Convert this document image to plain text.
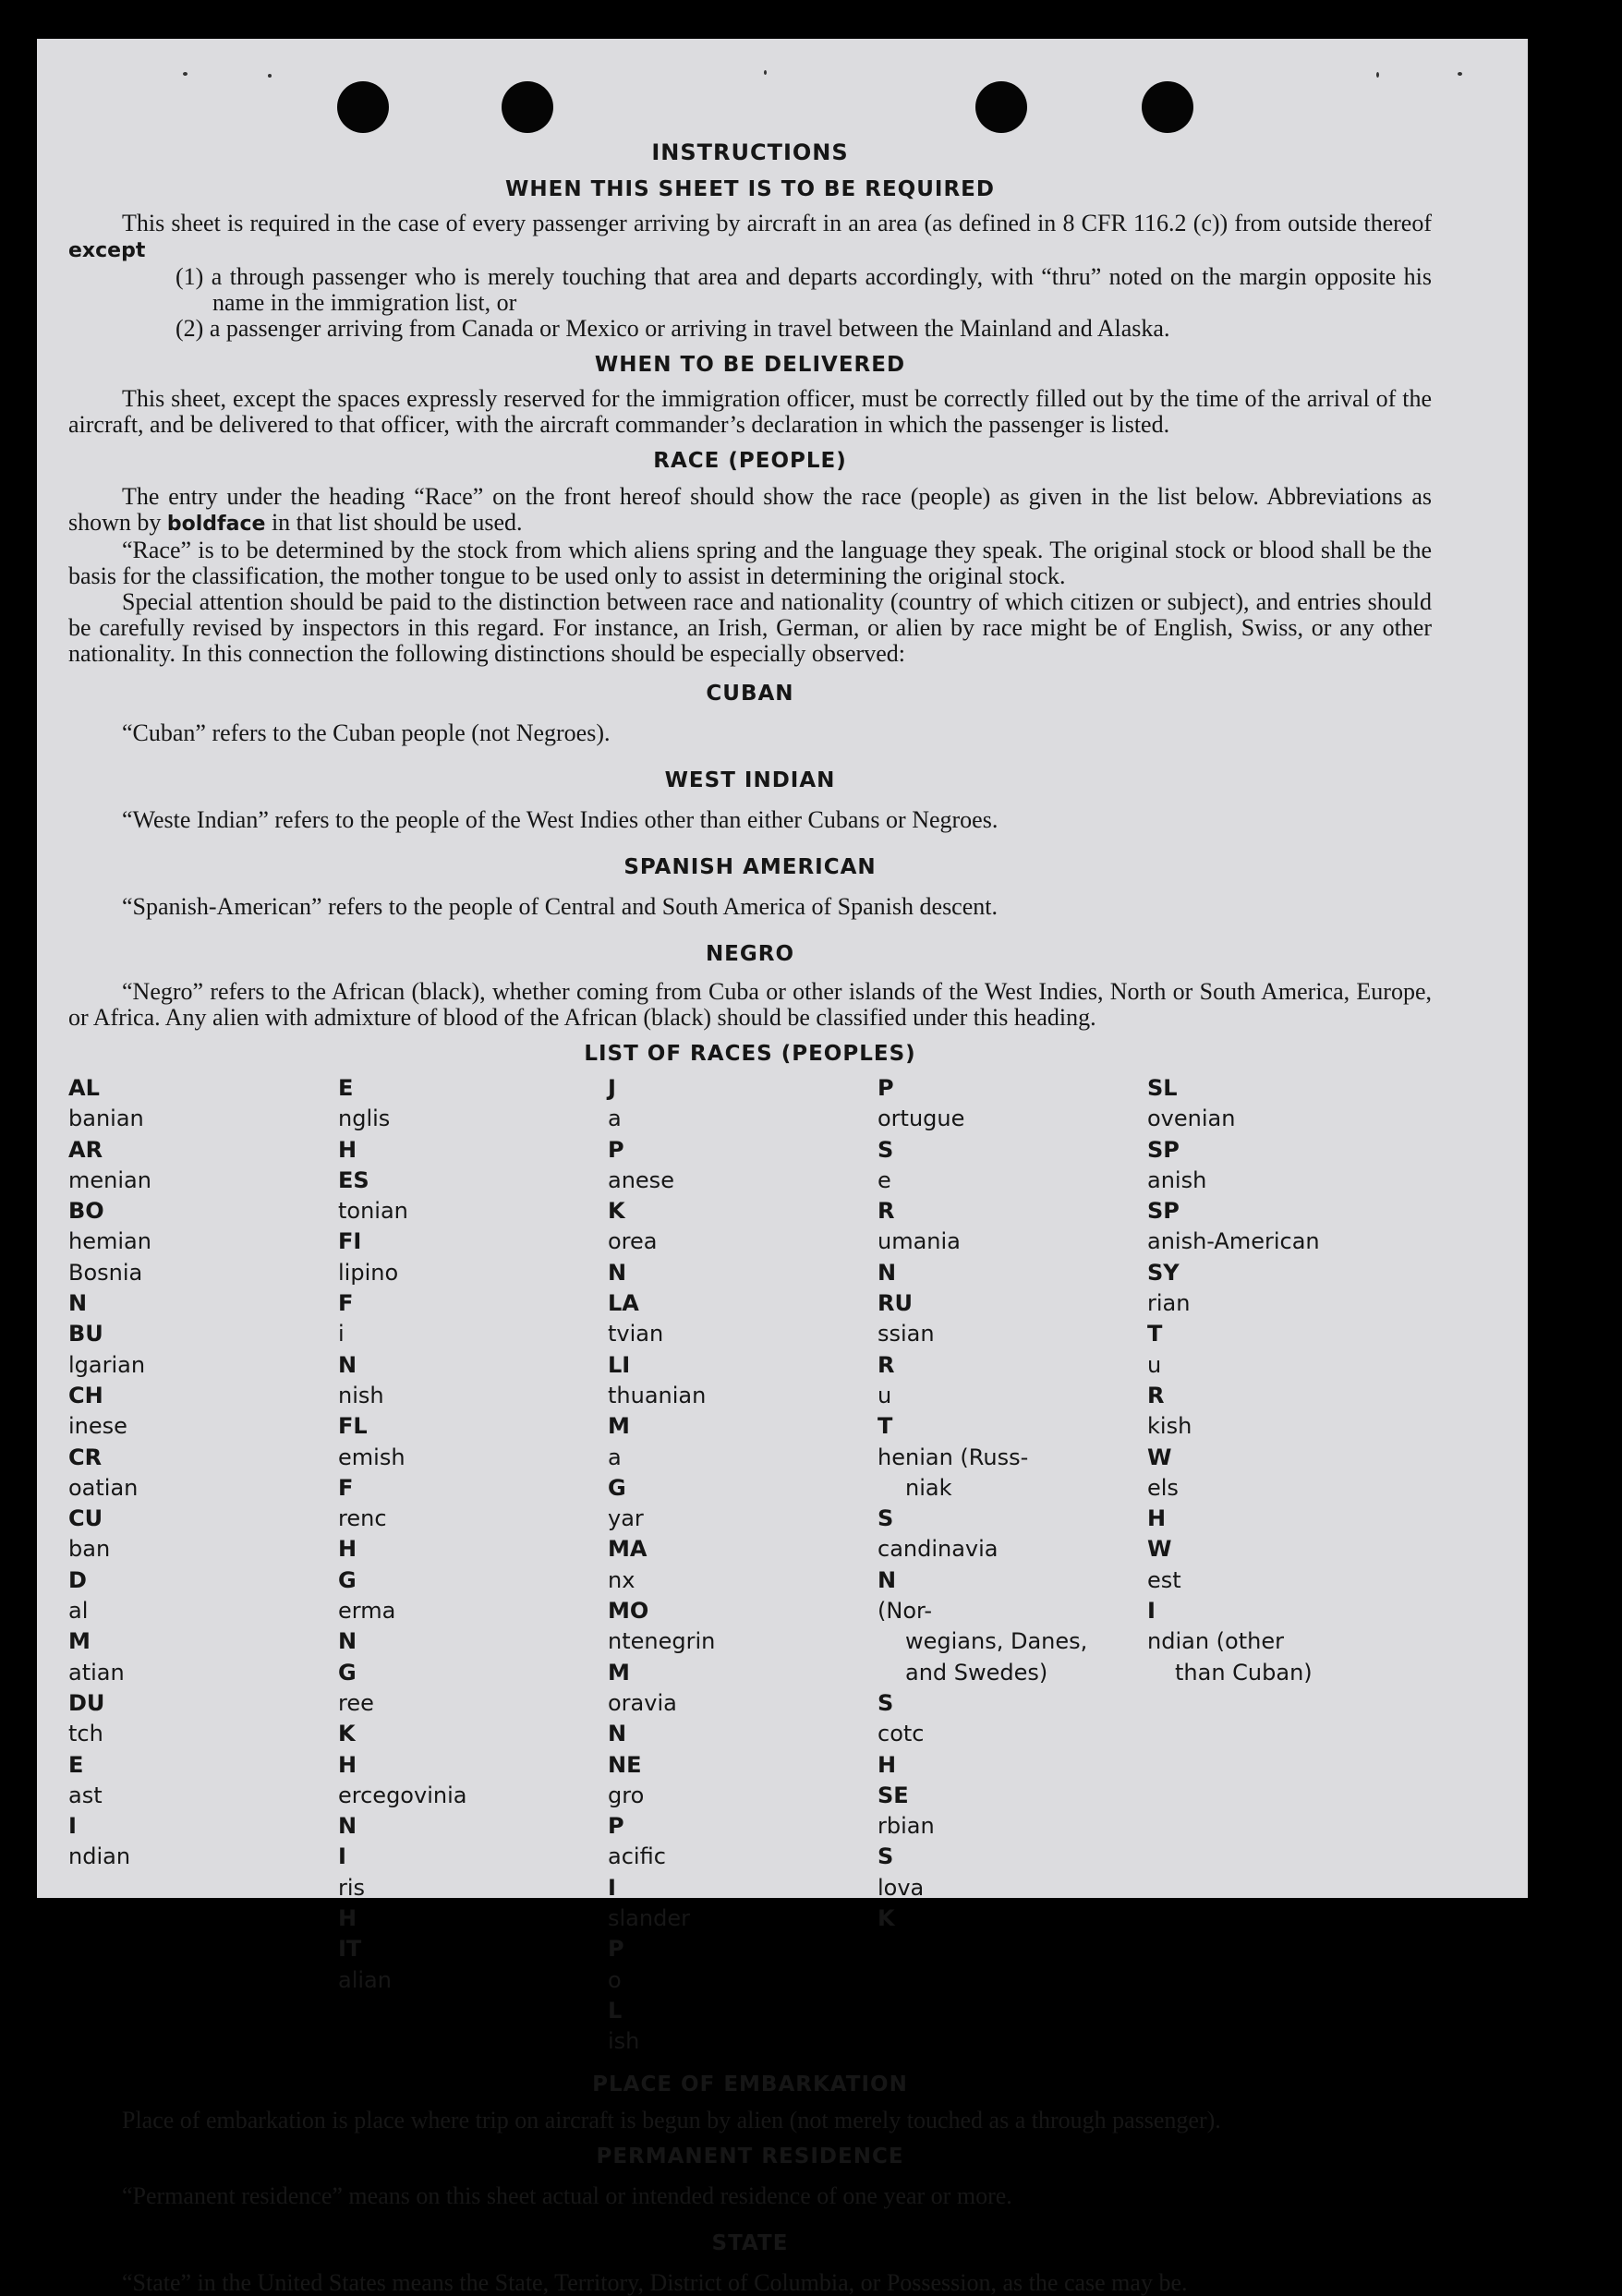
INSTRUCTIONS
WHEN THIS SHEET IS TO BE REQUIRED

This sheet is required in the case of every passenger arriving by aircraft in an area (as defined in 8 CFR 116.2 (c)) from outside thereof except

(1) a through passenger who is merely touching that area and departs accordingly, with “thru” noted on the margin opposite his name in the immigration list, or

(2) a passenger arriving from Canada or Mexico or arriving in travel between the Mainland and Alaska.

WHEN TO BE DELIVERED

This sheet, except the spaces expressly reserved for the immigration officer, must be correctly filled out by the time of the arrival of the aircraft, and be delivered to that officer, with the aircraft commander’s declaration in which the passenger is listed.

RACE (PEOPLE)

The entry under the heading “Race” on the front hereof should show the race (people) as given in the list below. Abbreviations as shown by boldface in that list should be used.

“Race” is to be determined by the stock from which aliens spring and the language they speak. The original stock or blood shall be the basis for the classification, the mother tongue to be used only to assist in determining the original stock.

Special attention should be paid to the distinction between race and nationality (country of which citizen or subject), and entries should be carefully revised by inspectors in this regard. For instance, an Irish, German, or alien by race might be of English, Swiss, or any other nationality. In this connection the following distinctions should be especially observed:

CUBAN

“Cuban” refers to the Cuban people (not Negroes).

WEST INDIAN

“Weste Indian” refers to the people of the West Indies other than either Cubans or Negroes.

SPANISH AMERICAN

“Spanish-American” refers to the people of Central and South America of Spanish descent.

NEGRO

“Negro” refers to the African (black), whether coming from Cuba or other islands of the West Indies, North or South America, Europe, or Africa. Any alien with admixture of blood of the African (black) should be classified under this heading.

LIST OF RACES (PEOPLES)
AL
banian
AR
menian
BO
hemian
Bosnia
N
BU
lgarian
CH
inese
CR
oatian
CU
ban
D
al
M
atian
DU
tch
E
ast
I
ndian
E
nglis
H
ES
tonian
FI
lipino
F
i
N
nish
FL
emish
F
renc
H
G
erma
N
G
ree
K
H
ercegovinia
N
I
ris
H
IT
alian
J
a
P
anese
K
orea
N
LA
tvian
LI
thuanian
M
a
G
yar
MA
nx
MO
ntenegrin
M
oravia
N
NE
gro
P
acific
I
slander
P
o
L
ish
P
ortugue
S
e
R
umania
N
RU
ssian
R
u
T
henian (Russ-
niak
S
candinavia
N
(Nor-
wegians, Danes,
and Swedes)
S
cotc
H
SE
rbian
S
lova
K
SL
ovenian
SP
anish
SP
anish-American
SY
rian
T
u
R
kish
W
els
H
W
est
I
ndian (other
than Cuban)
PLACE OF EMBARKATION

Place of embarkation is place where trip on aircraft is begun by alien (not merely touched as a through passenger).

PERMANENT RESIDENCE

“Permanent residence” means on this sheet actual or intended residence of one year or more.

STATE

“State” in the United States means the State, Territory, District of Columbia, or Possession, as the case may be.
